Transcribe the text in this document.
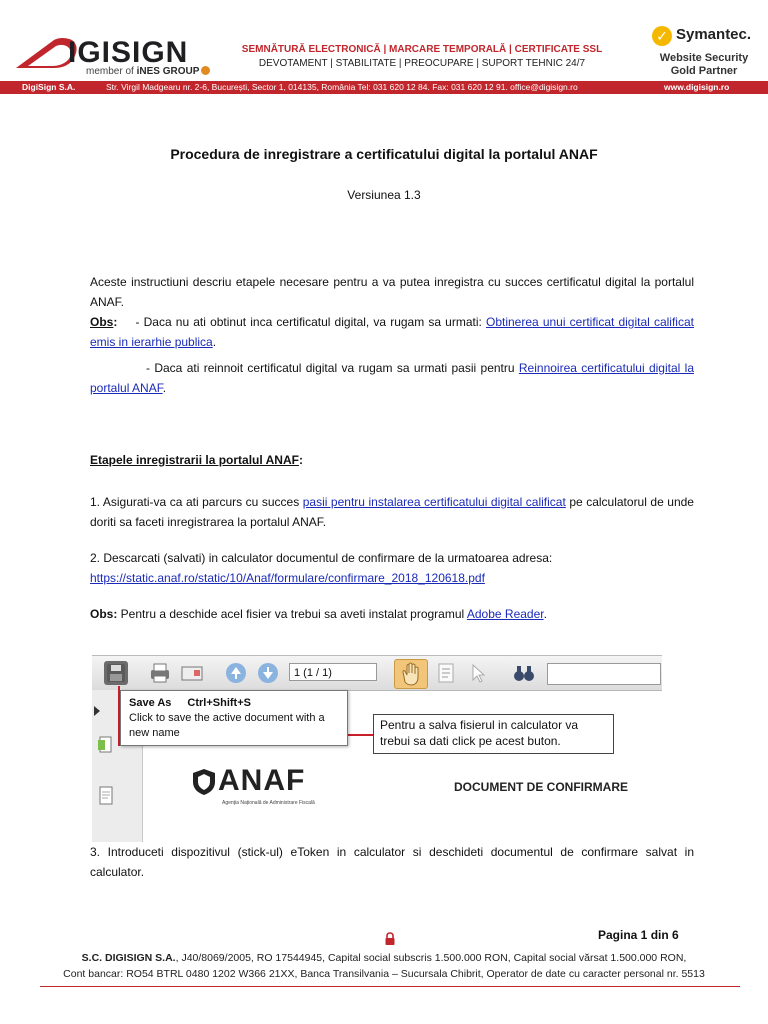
IGISIGN
member of iNES GROUP
SEMNĂTURĂ ELECTRONICĂ | MARCARE TEMPORALĂ | CERTIFICATE SSL
DEVOTAMENT | STABILITATE | PREOCUPARE | SUPORT TEHNIC 24/7
✓ Symantec.
Website Security
Gold Partner
DigiSign S.A.	Str. Virgil Madgearu nr. 2-6, București, Sector 1, 014135, România Tel: 031 620 12 84. Fax: 031 620 12 91. office@digisign.ro	www.digisign.ro
Procedura de inregistrare a certificatului digital la portalul ANAF
Versiunea 1.3
Aceste instructiuni descriu etapele necesare pentru a va putea inregistra cu succes certificatul digital la portalul ANAF.
Obs: - Daca nu ati obtinut inca certificatul digital, va rugam sa urmati: Obtinerea unui certificat digital calificat emis in ierarhie publica.
- Daca ati reinnoit certificatul digital va rugam sa urmati pasii pentru Reinnoirea certificatului digital la portalul ANAF.
Etapele inregistrarii la portalul ANAF:
1. Asigurati-va ca ati parcurs cu succes pasii pentru instalarea certificatului digital calificat pe calculatorul de unde doriti sa faceti inregistrarea la portalul ANAF.
2. Descarcati (salvati) in calculator documentul de confirmare de la urmatoarea adresa:
https://static.anaf.ro/static/10/Anaf/formulare/confirmare_2018_120618.pdf
Obs: Pentru a deschide acel fisier va trebui sa aveti instalat programul Adobe Reader.
1 (1 / 1)
Save As Ctrl+Shift+S
Click to save the active document with a new name
Pentru a salva fisierul in calculator va trebui sa dati click pe acest buton.
ANAF
Agenția Națională de Administrare Fiscală
DOCUMENT DE CONFIRMARE
3. Introduceti dispozitivul (stick-ul) eToken in calculator si deschideti documentul de confirmare salvat in calculator.
Pagina 1 din 6
S.C. DIGISIGN S.A., J40/8069/2005, RO 17544945, Capital social subscris 1.500.000 RON, Capital social vărsat 1.500.000 RON,
Cont bancar: RO54 BTRL 0480 1202 W366 21XX, Banca Transilvania – Sucursala Chibrit, Operator de date cu caracter personal nr. 5513
